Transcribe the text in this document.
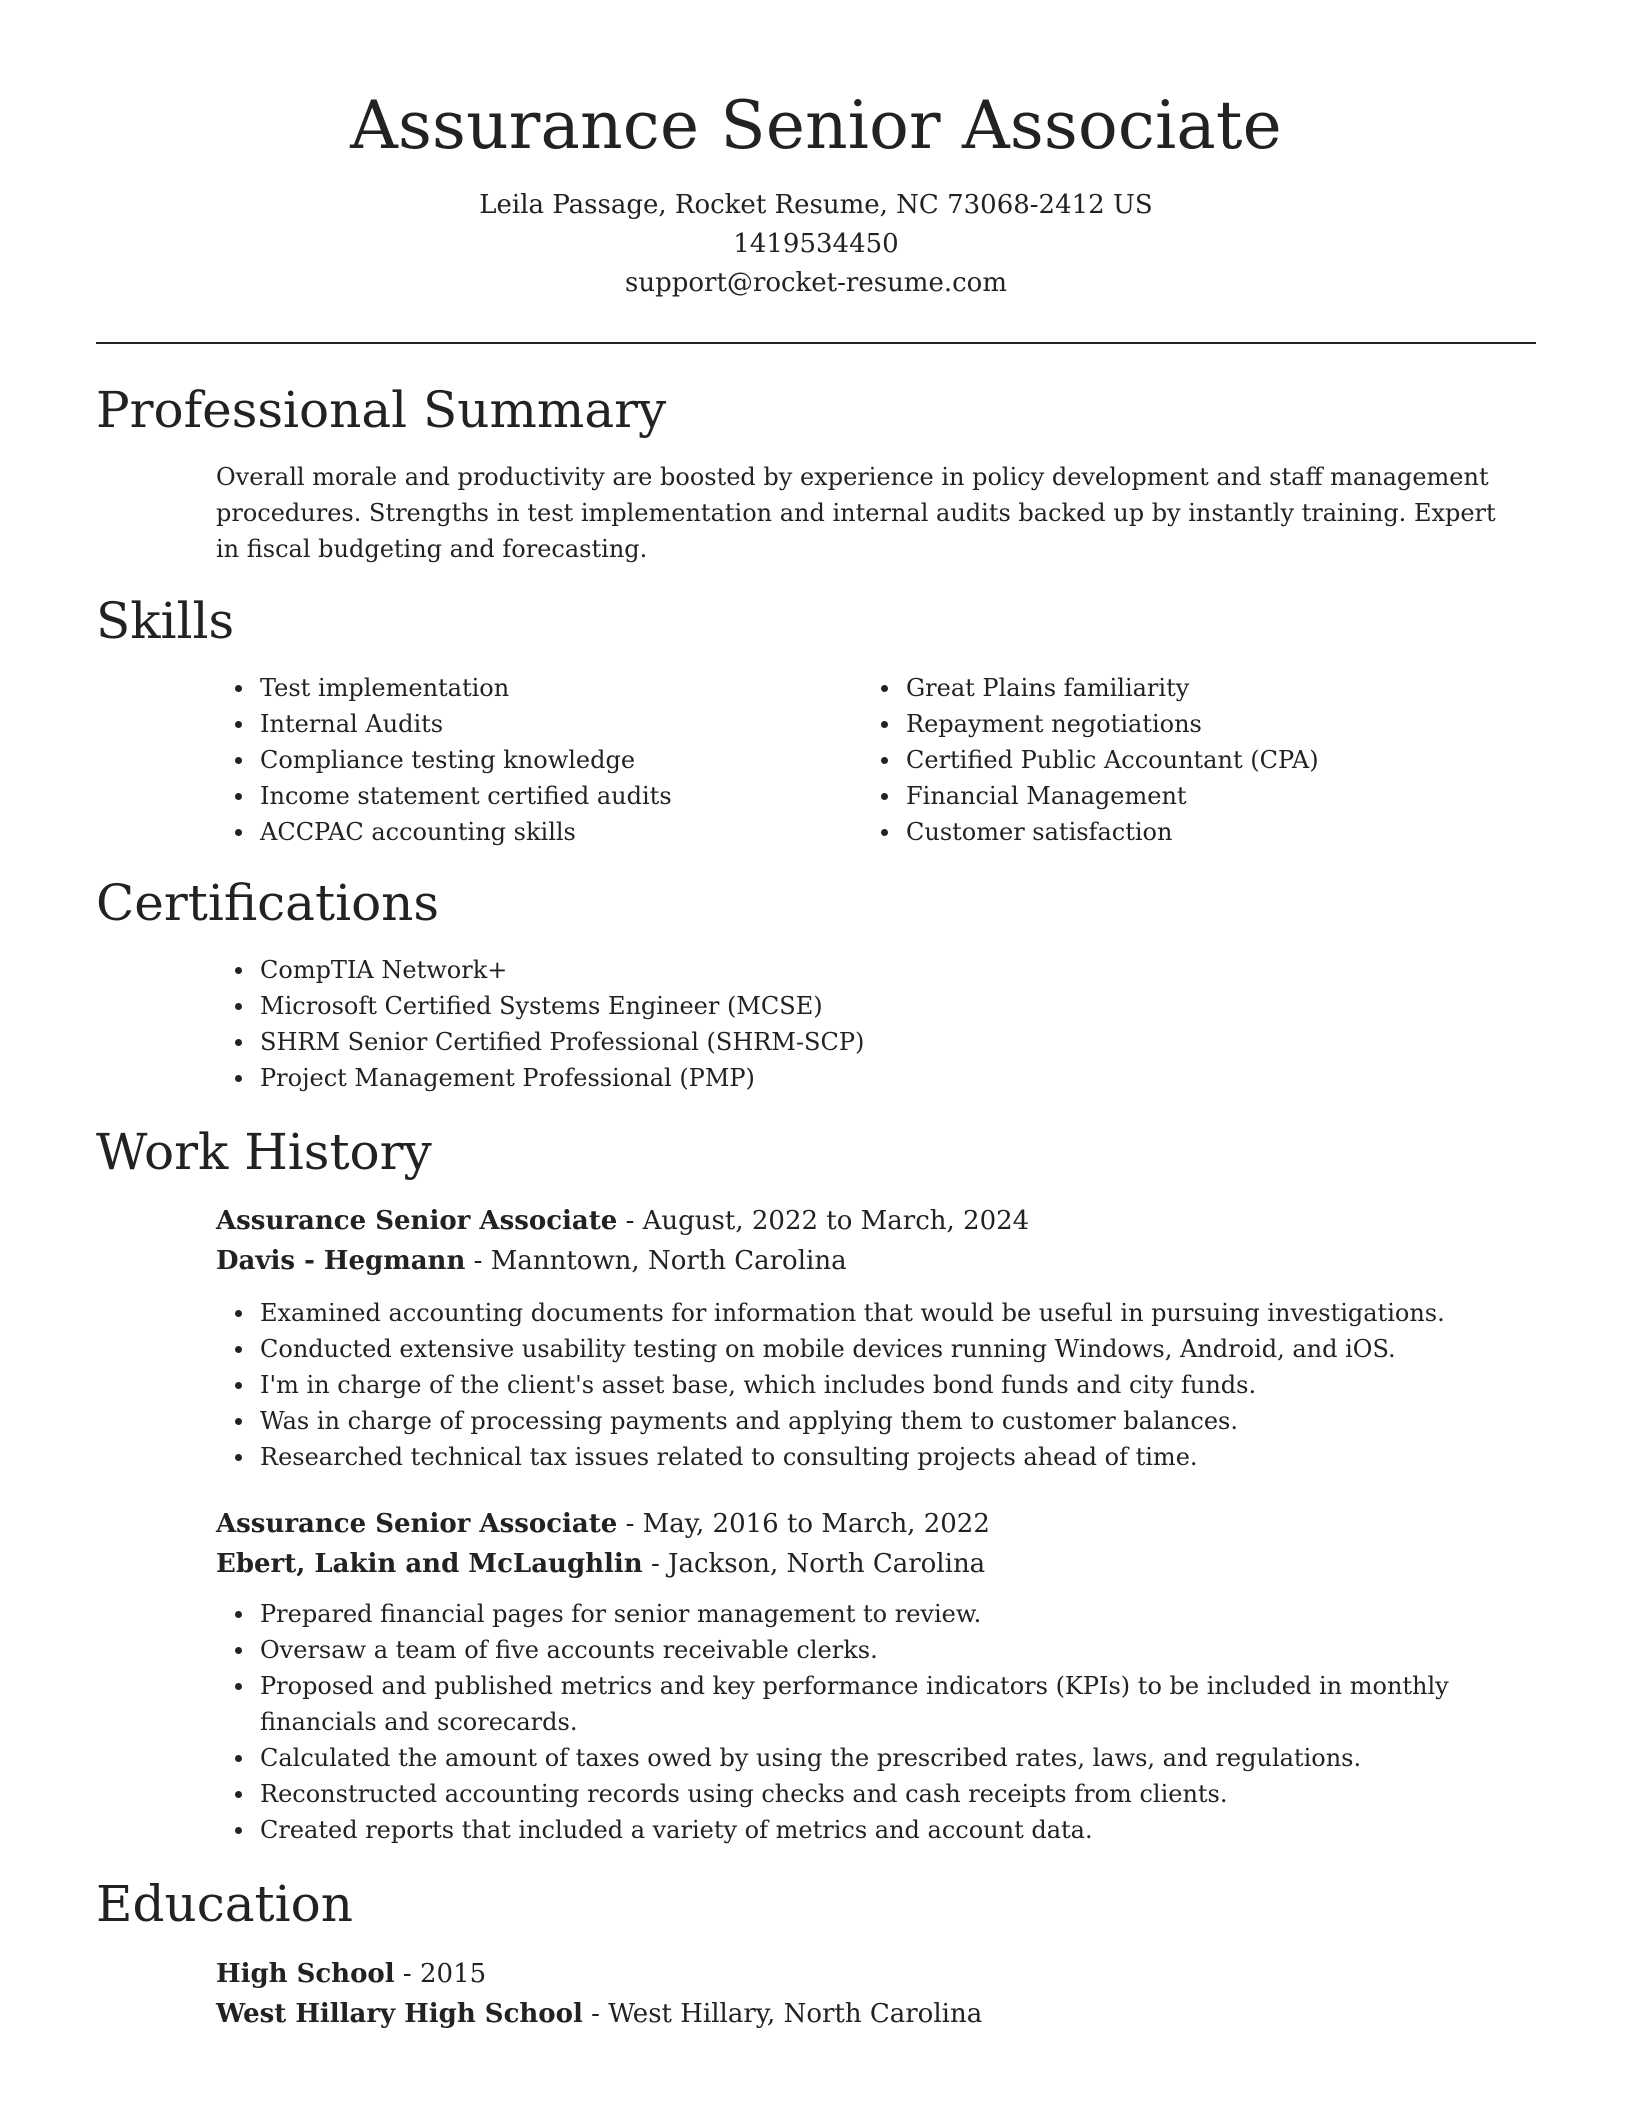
Assurance Senior Associate
Leila Passage, Rocket Resume, NC 73068-2412 US
1419534450
support@rocket-resume.com
Professional Summary
Overall morale and productivity are boosted by experience in policy development and staff management procedures. Strengths in test implementation and internal audits backed up by instantly training. Expert in fiscal budgeting and forecasting.
Skills
Test implementation
Internal Audits
Compliance testing knowledge
Income statement certified audits
ACCPAC accounting skills
Great Plains familiarity
Repayment negotiations
Certified Public Accountant (CPA)
Financial Management
Customer satisfaction
Certifications
CompTIA Network+
Microsoft Certified Systems Engineer (MCSE)
SHRM Senior Certified Professional (SHRM-SCP)
Project Management Professional (PMP)
Work History
Assurance Senior Associate - August, 2022 to March, 2024
Davis - Hegmann - Manntown, North Carolina
Examined accounting documents for information that would be useful in pursuing investigations.
Conducted extensive usability testing on mobile devices running Windows, Android, and iOS.
I'm in charge of the client's asset base, which includes bond funds and city funds.
Was in charge of processing payments and applying them to customer balances.
Researched technical tax issues related to consulting projects ahead of time.
Assurance Senior Associate - May, 2016 to March, 2022
Ebert, Lakin and McLaughlin - Jackson, North Carolina
Prepared financial pages for senior management to review.
Oversaw a team of five accounts receivable clerks.
Proposed and published metrics and key performance indicators (KPIs) to be included in monthly financials and scorecards.
Calculated the amount of taxes owed by using the prescribed rates, laws, and regulations.
Reconstructed accounting records using checks and cash receipts from clients.
Created reports that included a variety of metrics and account data.
Education
High School - 2015
West Hillary High School - West Hillary, North Carolina
